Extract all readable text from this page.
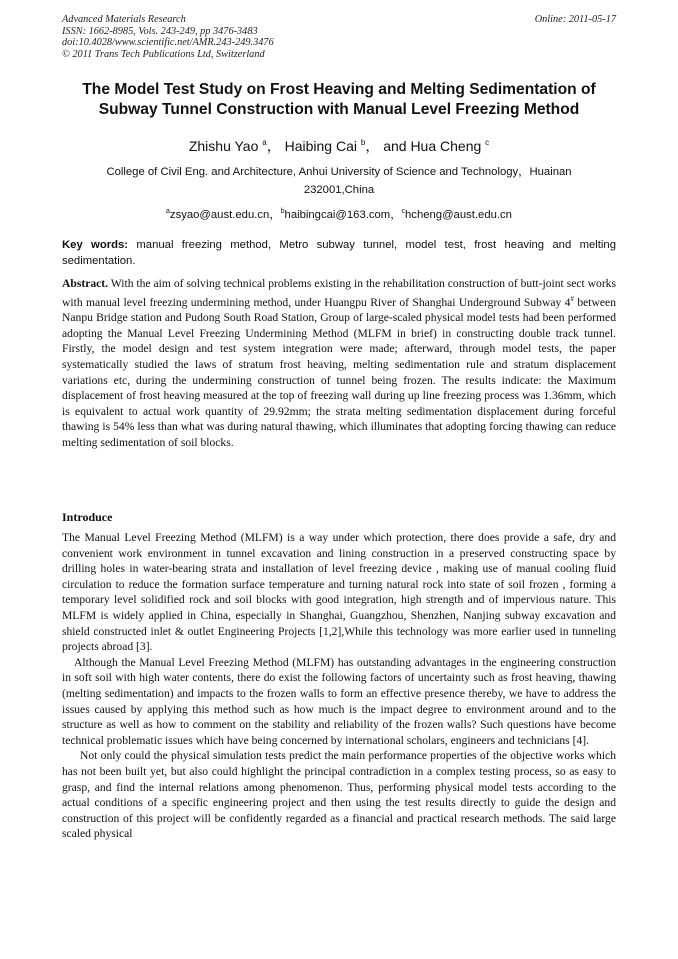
Advanced Materials Research
ISSN: 1662-8985, Vols. 243-249, pp 3476-3483
doi:10.4028/www.scientific.net/AMR.243-249.3476
© 2011 Trans Tech Publications Ltd, Switzerland
Online: 2011-05-17
The Model Test Study on Frost Heaving and Melting Sedimentation of Subway Tunnel Construction with Manual Level Freezing Method
Zhishu Yao $^a$， Haibing Cai $^b$， and Hua Cheng $^c$
College of Civil Eng. and Architecture, Anhui University of Science and Technology，Huainan 232001,China
$^a$zsyao@aust.edu.cn，$^b$haibingcai@163.com，$^c$hcheng@aust.edu.cn
Key words: manual freezing method, Metro subway tunnel, model test, frost heaving and melting sedimentation.
Abstract. With the aim of solving technical problems existing in the rehabilitation construction of butt-joint sect works with manual level freezing undermining method, under Huangpu River of Shanghai Underground Subway 4# between Nanpu Bridge station and Pudong South Road Station, Group of large-scaled physical model tests had been performed adopting the Manual Level Freezing Undermining Method (MLFM in brief) in constructing double track tunnel. Firstly, the model design and test system integration were made; afterward, through model tests, the paper systematically studied the laws of stratum frost heaving, melting sedimentation rule and stratum displacement variations etc, during the undermining construction of tunnel being frozen. The results indicate: the Maximum displacement of frost heaving measured at the top of freezing wall during up line freezing process was 1.36mm, which is equivalent to actual work quantity of 29.92mm; the strata melting sedimentation displacement during forceful thawing is 54% less than what was during natural thawing, which illuminates that adopting forcing thawing can reduce melting sedimentation of soil blocks.
Introduce

The Manual Level Freezing Method (MLFM) is a way under which protection, there does provide a safe, dry and convenient work environment in tunnel excavation and lining construction in a preserved constructing space by drilling holes in water-bearing strata and installation of level freezing device , making use of manual cooling fluid circulation to reduce the formation surface temperature and turning natural rock into state of soil frozen , forming a temporary level solidified rock and soil blocks with good integration, high strength and of impervious nature. This MLFM is widely applied in China, especially in Shanghai, Guangzhou, Shenzhen, Nanjing subway excavation and shield constructed inlet & outlet Engineering Projects [1,2],While this technology was more earlier used in tunneling projects abroad [3].

Although the Manual Level Freezing Method (MLFM) has outstanding advantages in the engineering construction in soft soil with high water contents, there do exist the following factors of uncertainty such as frost heaving, thawing (melting sedimentation) and impacts to the frozen walls to form an effective presence thereby, we have to address the issues caused by applying this method such as how much is the impact degree to environment around and to the structure as well as how to comment on the stability and reliability of the frozen walls? Such questions have become technical problematic issues which have being concerned by international scholars, engineers and technicians [4].

Not only could the physical simulation tests predict the main performance properties of the objective works which has not been built yet, but also could highlight the principal contradiction in a complex testing process, so as easy to grasp, and find the internal relations among phenomenon. Thus, performing physical model tests according to the actual conditions of a specific engineering project and then using the test results directly to guide the design and construction of this project will be confidently regarded as a financial and practical research methods. The said large scaled physical
